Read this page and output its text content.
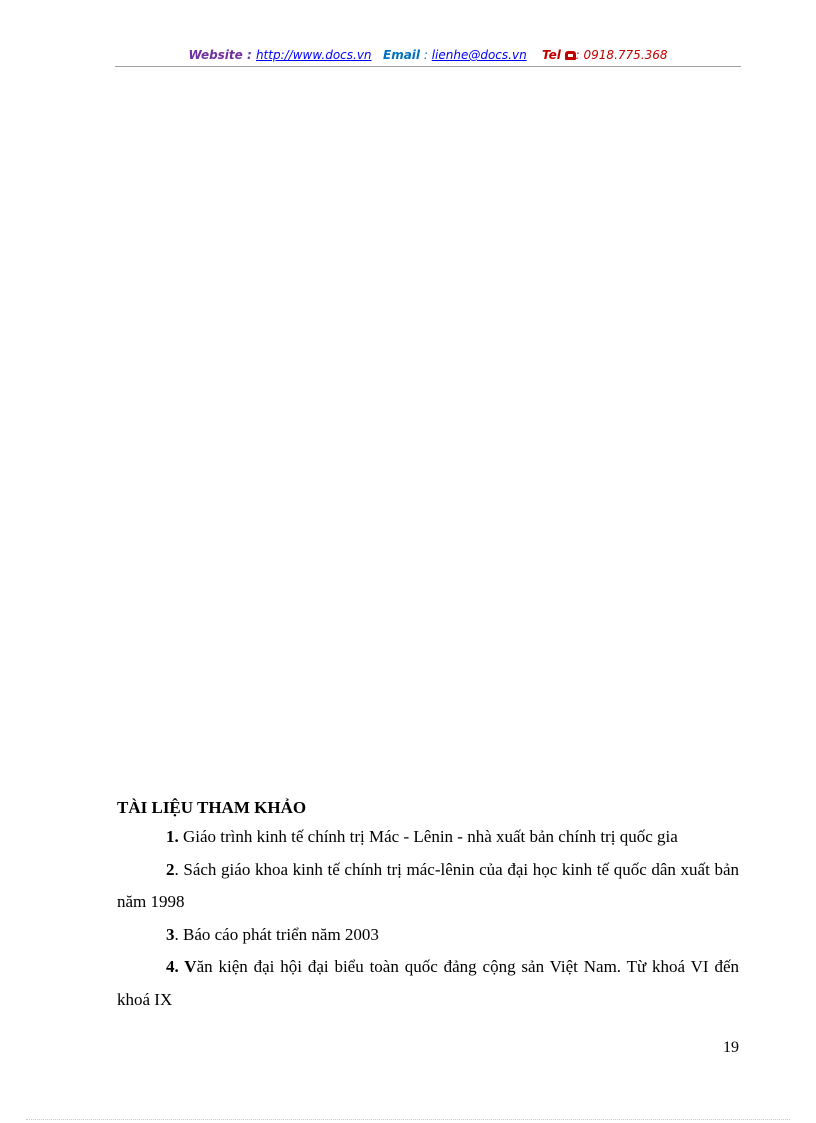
Website : http://www.docs.vn Email : lienhe@docs.vn Tel : 0918.775.368

TÀI LIỆU THAM KHẢO

1. Giáo trình kinh tế chính trị Mác - Lênin - nhà xuất bản chính trị quốc gia

2. Sách giáo khoa kinh tế chính trị mác-lênin của đại học kinh tế quốc dân xuất bản năm 1998

3. Báo cáo phát triển năm 2003

4. Văn kiện đại hội đại biểu toàn quốc đảng cộng sản Việt Nam. Từ khoá VI đến khoá IX

19
